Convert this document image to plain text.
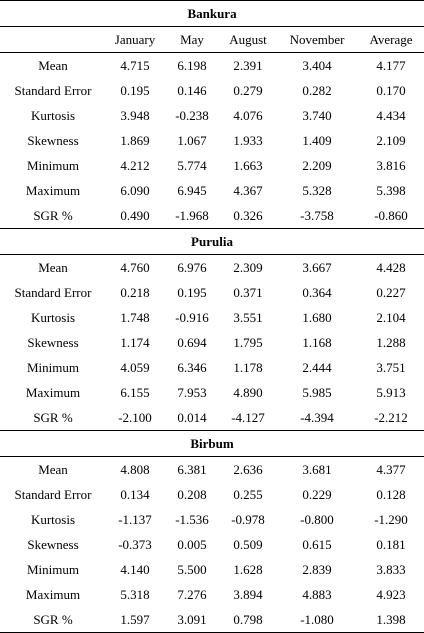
Bankura					
	January	May	August	November	Average
Mean	4.715	6.198	2.391	3.404	4.177
Standard Error	0.195	0.146	0.279	0.282	0.170
Kurtosis	3.948	-0.238	4.076	3.740	4.434
Skewness	1.869	1.067	1.933	1.409	2.109
Minimum	4.212	5.774	1.663	2.209	3.816
Maximum	6.090	6.945	4.367	5.328	5.398
SGR %	0.490	-1.968	0.326	-3.758	-0.860
Purulia					
Mean	4.760	6.976	2.309	3.667	4.428
Standard Error	0.218	0.195	0.371	0.364	0.227
Kurtosis	1.748	-0.916	3.551	1.680	2.104
Skewness	1.174	0.694	1.795	1.168	1.288
Minimum	4.059	6.346	1.178	2.444	3.751
Maximum	6.155	7.953	4.890	5.985	5.913
SGR %	-2.100	0.014	-4.127	-4.394	-2.212
Birbum					
Mean	4.808	6.381	2.636	3.681	4.377
Standard Error	0.134	0.208	0.255	0.229	0.128
Kurtosis	-1.137	-1.536	-0.978	-0.800	-1.290
Skewness	-0.373	0.005	0.509	0.615	0.181
Minimum	4.140	5.500	1.628	2.839	3.833
Maximum	5.318	7.276	3.894	4.883	4.923
SGR %	1.597	3.091	0.798	-1.080	1.398
